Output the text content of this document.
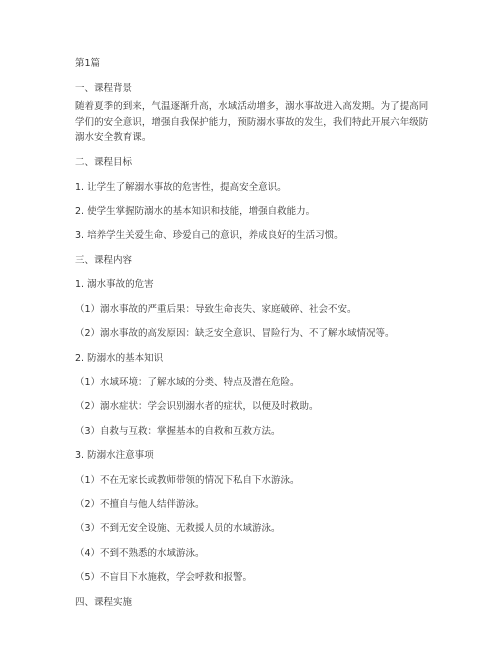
第1篇
一、课程背景
随着夏季的到来，气温逐渐升高，水域活动增多，溺水事故进入高发期。为了提高同学们的安全意识，增强自我保护能力，预防溺水事故的发生，我们特此开展六年级防溺水安全教育课。
二、课程目标
1. 让学生了解溺水事故的危害性，提高安全意识。
2. 使学生掌握防溺水的基本知识和技能，增强自救能力。
3. 培养学生关爱生命、珍爱自己的意识，养成良好的生活习惯。
三、课程内容
1. 溺水事故的危害
（1）溺水事故的严重后果：导致生命丧失、家庭破碎、社会不安。
（2）溺水事故的高发原因：缺乏安全意识、冒险行为、不了解水域情况等。
2. 防溺水的基本知识
（1）水域环境：了解水域的分类、特点及潜在危险。
（2）溺水症状：学会识别溺水者的症状，以便及时救助。
（3）自救与互救：掌握基本的自救和互救方法。
3. 防溺水注意事项
（1）不在无家长或教师带领的情况下私自下水游泳。
（2）不擅自与他人结伴游泳。
（3）不到无安全设施、无救援人员的水域游泳。
（4）不到不熟悉的水域游泳。
（5）不盲目下水施救，学会呼救和报警。
四、课程实施
